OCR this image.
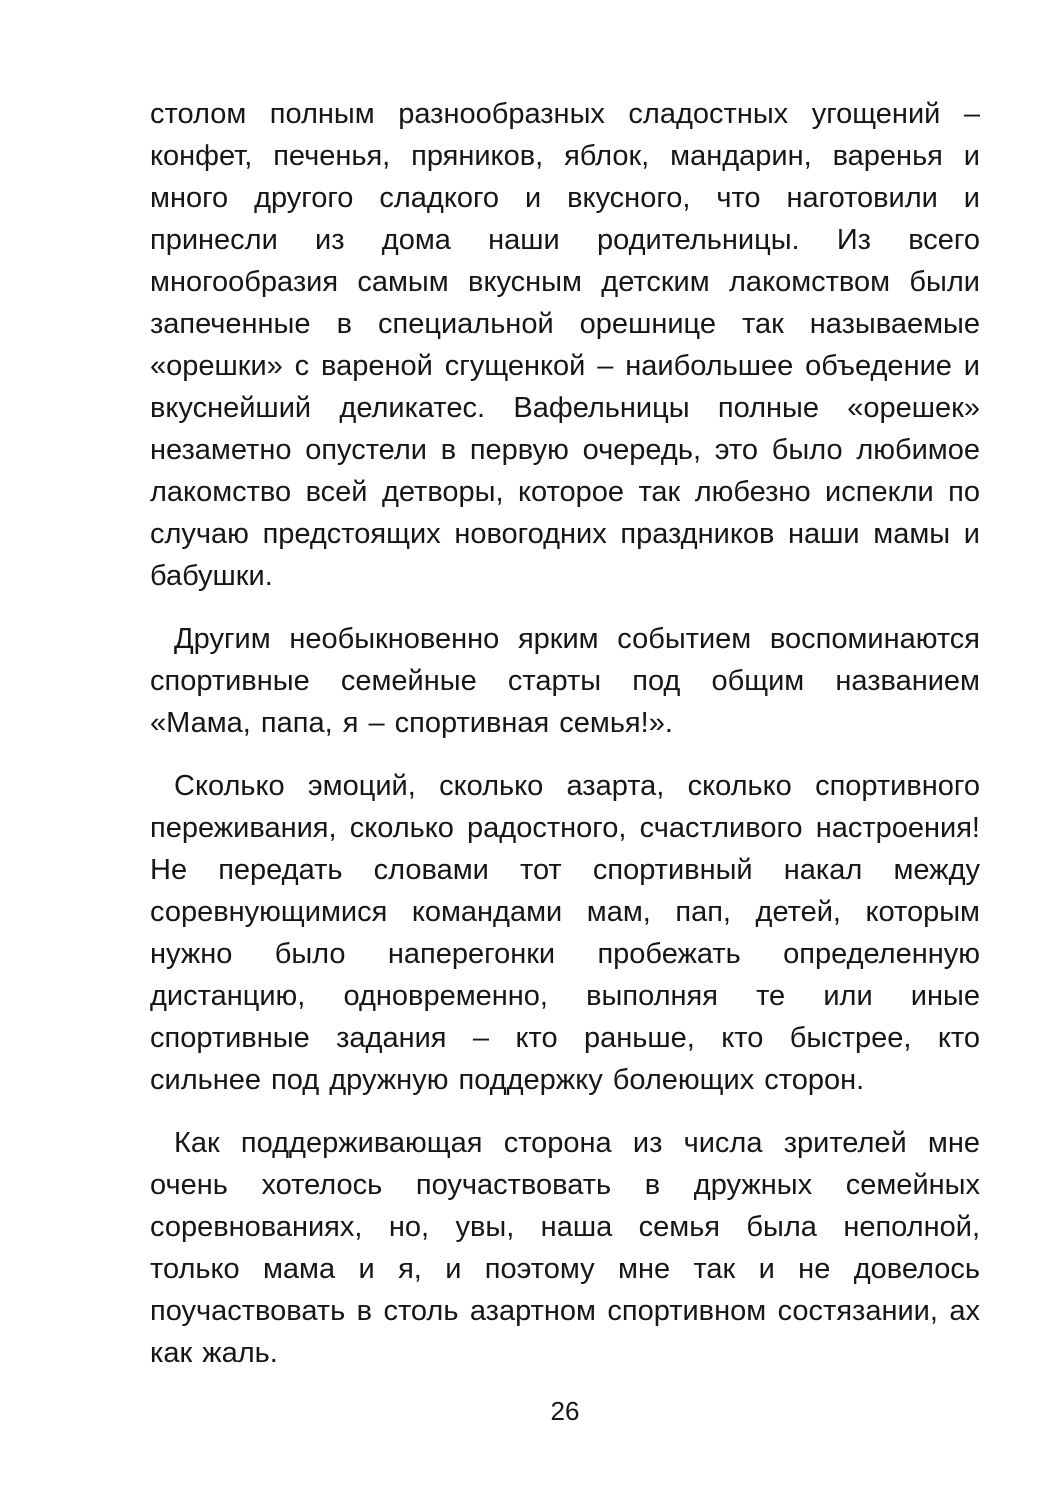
столом полным разнообразных сладостных угощений – конфет, печенья, пряников, яблок, мандарин, варенья и много другого сладкого и вкусного, что наготовили и принесли из дома наши родительницы. Из всего многообразия самым вкусным детским лакомством были запеченные в специальной орешнице так называемые «орешки» с вареной сгущенкой – наибольшее объедение и вкуснейший деликатес. Вафельницы полные «орешек» незаметно опустели в первую очередь, это было любимое лакомство всей детворы, которое так любезно испекли по случаю предстоящих новогодних праздников наши мамы и бабушки.

Другим необыкновенно ярким событием воспоминаются спортивные семейные старты под общим названием «Мама, папа, я – спортивная семья!».

Сколько эмоций, сколько азарта, сколько спортивного переживания, сколько радостного, счастливого настроения! Не передать словами тот спортивный накал между соревнующимися командами мам, пап, детей, которым нужно было наперегонки пробежать определенную дистанцию, одновременно, выполняя те или иные спортивные задания – кто раньше, кто быстрее, кто сильнее под дружную поддержку болеющих сторон.

Как поддерживающая сторона из числа зрителей мне очень хотелось поучаствовать в дружных семейных соревнованиях, но, увы, наша семья была неполной, только мама и я, и поэтому мне так и не довелось поучаствовать в столь азартном спортивном состязании, ах как жаль.

26
